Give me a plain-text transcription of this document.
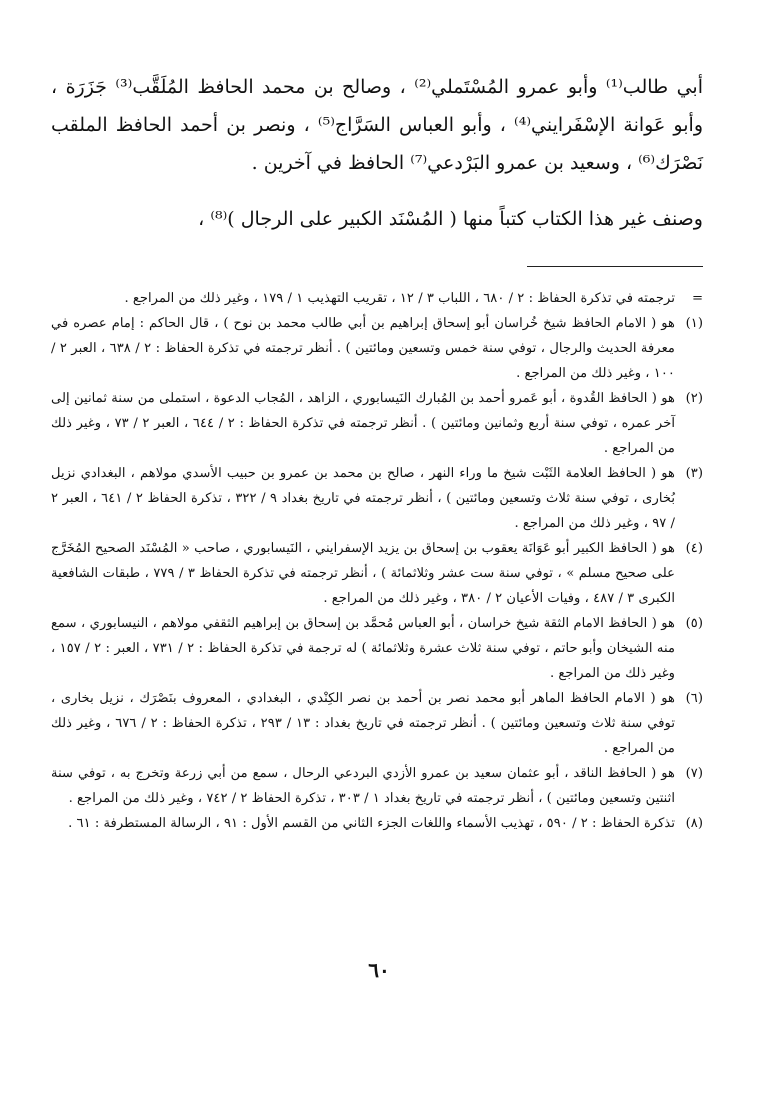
أبي طالب⁽¹⁾ وأبو عمرو المُسْتَملي⁽²⁾ ، وصالح بن محمد الحافظ المُلَقَّب⁽³⁾ جَزَرَة ، وأبو عَوانة الإسْفَرايني⁽⁴⁾ ، وأبو العباس السَرَّاج⁽⁵⁾ ، ونصر بن أحمد الحافظ الملقب نَصْرَك⁽⁶⁾ ، وسعيد بن عمرو البَرْدعي⁽⁷⁾ الحافظ في آخرين .

وصنف غير هذا الكتاب كتباً منها ( المُسْنَد الكبير على الرجال )⁽⁸⁾ ،

=
ترجمته في تذكرة الحفاظ : ٢ / ٦٨٠ ، اللباب ٣ / ١٢ ، تقريب التهذيب ١ / ١٧٩ ، وغير ذلك من المراجع .
(١)
هو ( الامام الحافظ شيخ خُراسان أبو إسحاق إبراهيم بن أبي طالب محمد بن نوح ) ، قال الحاكم : إمام عصره في معرفة الحديث والرجال ، توفي سنة خمس وتسعين ومائتين ) . أنظر ترجمته في تذكرة الحفاظ : ٢ / ٦٣٨ ، العبر ٢ / ١٠٠ ، وغير ذلك من المراجع .
(٢)
هو ( الحافظ القُدوة ، أبو عَمرو أحمد بن المُبارك النَيسابوري ، الزاهد ، المُجاب الدعوة ، استملى من سنة ثمانين إلى آخر عمره ، توفي سنة أربع وثمانين ومائتين ) . أنظر ترجمته في تذكرة الحفاظ : ٢ / ٦٤٤ ، العبر ٢ / ٧٣ ، وغير ذلك من المراجع .
(٣)
هو ( الحافظ العلامة الثَبْت شيخ ما وراء النهر ، صالح بن محمد بن عمرو بن حبيب الأسدي مولاهم ، البغدادي نزيل بُخارى ، توفي سنة ثلاث وتسعين ومائتين ) ، أنظر ترجمته في تاريخ بغداد ٩ / ٣٢٢ ، تذكرة الحفاظ ٢ / ٦٤١ ، العبر ٢ / ٩٧ ، وغير ذلك من المراجع .
(٤)
هو ( الحافظ الكبير أبو عَوَانَة يعقوب بن إسحاق بن يزيد الإسفرايني ، النَيسابوري ، صاحب « المُسْنَد الصحيح المُخَرَّج على صحيح مسلم » ، توفي سنة ست عشر وثلاثمائة ) ، أنظر ترجمته في تذكرة الحفاظ ٣ / ٧٧٩ ، طبقات الشافعية الكبرى ٣ / ٤٨٧ ، وفيات الأعيان ٢ / ٣٨٠ ، وغير ذلك من المراجع .
(٥)
هو ( الحافظ الامام الثقة شيخ خراسان ، أبو العباس مُحمَّد بن إسحاق بن إبراهيم الثقفي مولاهم ، النيسابوري ، سمع منه الشيخان وأبو حاتم ، توفي سنة ثلاث عشرة وثلاثمائة ) له ترجمة في تذكرة الحفاظ : ٢ / ٧٣١ ، العبر : ٢ / ١٥٧ ، وغير ذلك من المراجع .
(٦)
هو ( الامام الحافظ الماهر أبو محمد نصر بن أحمد بن نصر الكِنْدي ، البغدادي ، المعروف بنَصْرَك ، نزيل بخارى ، توفي سنة ثلاث وتسعين ومائتين ) . أنظر ترجمته في تاريخ بغداد : ١٣ / ٢٩٣ ، تذكرة الحفاظ : ٢ / ٦٧٦ ، وغير ذلك من المراجع .
(٧)
هو ( الحافظ الناقد ، أبو عثمان سعيد بن عمرو الأزدي البردعي الرحال ، سمع من أبي زرعة وتخرج به ، توفي سنة اثنتين وتسعين ومائتين ) ، أنظر ترجمته في تاريخ بغداد ١ / ٣٠٣ ، تذكرة الحفاظ ٢ / ٧٤٢ ، وغير ذلك من المراجع .
(٨)
تذكرة الحفاظ : ٢ / ٥٩٠ ، تهذيب الأسماء واللغات الجزء الثاني من القسم الأول : ٩١ ، الرسالة المستطرفة : ٦١ .
٦٠
